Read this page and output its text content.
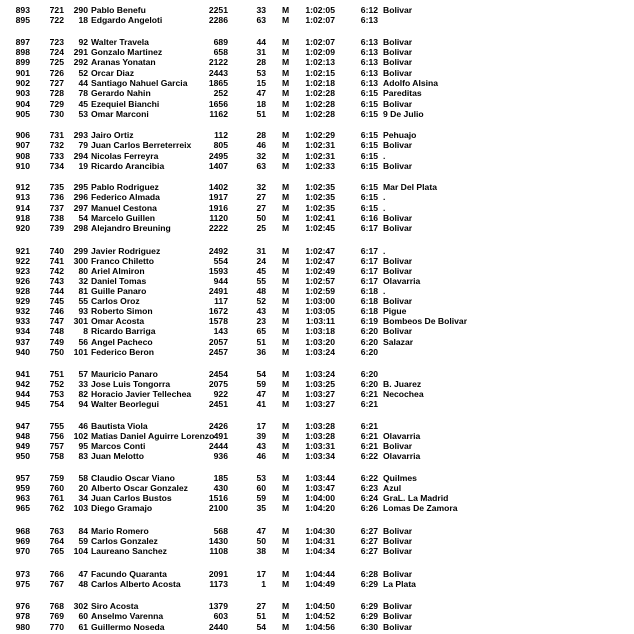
893	721	290 Pablo Benefu	2251	33 M	1:02:05	6:12 Bolivar
895	722	18 Edgardo Angeloti	2286	63 M	1:02:07	6:13
897	723	92 Walter Travela	689	44 M	1:02:07	6:13 Bolivar
898	724	291 Gonzalo Martinez	658	31 M	1:02:09	6:13 Bolivar
899	725	292 Aranas Yonatan	2122	28 M	1:02:13	6:13 Bolivar
901	726	52 Orcar Diaz	2443	53 M	1:02:15	6:13 Bolivar
902	727	44 Santiago Nahuel Garcia	1865	15 M	1:02:18	6:13 Adolfo Alsina
903	728	78 Gerardo Nahin	252	47 M	1:02:28	6:15 Pareditas
904	729	45 Ezequiel Bianchi	1656	18 M	1:02:28	6:15 Bolivar
905	730	53 Omar Marconi	1162	51 M	1:02:28	6:15 9 De Julio
906	731	293 Jairo Ortiz	112	28 M	1:02:29	6:15 Pehuajo
907	732	79 Juan Carlos Berreterreix	805	46 M	1:02:31	6:15 Bolivar
908	733	294 Nicolas Ferreyra	2495	32 M	1:02:31	6:15 .
910	734	19 Ricardo Arancibia	1407	63 M	1:02:33	6:15 Bolivar
912	735	295 Pablo Rodriguez	1402	32 M	1:02:35	6:15 Mar Del Plata
913	736	296 Federico Almada	1917	27 M	1:02:35	6:15 .
914	737	297 Manuel Cestona	1916	27 M	1:02:35	6:15 .
918	738	54 Marcelo Guillen	1120	50 M	1:02:41	6:16 Bolivar
920	739	298 Alejandro Breuning	2222	25 M	1:02:45	6:17 Bolivar
921	740	299 Javier Rodriguez	2492	31 M	1:02:47	6:17 .
922	741	300 Franco Chiletto	554	24 M	1:02:47	6:17 Bolivar
923	742	80 Ariel Almiron	1593	45 M	1:02:49	6:17 Bolivar
926	743	32 Daniel Tomas	944	55 M	1:02:57	6:17 Olavarria
928	744	81 Guille Panaro	2491	48 M	1:02:59	6:18 .
929	745	55 Carlos Oroz	117	52 M	1:03:00	6:18 Bolivar
932	746	93 Roberto Simon	1672	43 M	1:03:05	6:18 Pigue
933	747	301 Omar Acosta	1578	23 M	1:03:11	6:19 Bombeos De Bolivar
934	748	8 Ricardo Barriga	143	65 M	1:03:18	6:20 Bolivar
937	749	56 Angel Pacheco	2057	51 M	1:03:20	6:20 Salazar
940	750	101 Federico Beron	2457	36 M	1:03:24	6:20
941	751	57 Mauricio Panaro	2454	54 M	1:03:24	6:20
942	752	33 Jose Luis Tongorra	2075	59 M	1:03:25	6:20 B. Juarez
944	753	82 Horacio Javier Tellechea	922	47 M	1:03:27	6:21 Necochea
945	754	94 Walter Beorlegui	2451	41 M	1:03:27	6:21
947	755	46 Bautista Viola	2426	17 M	1:03:28	6:21
948	756	102 Matias Daniel Aguirre Lorenzo 491	39 M	1:03:28	6:21 Olavarria
949	757	95 Marcos Conti	2444	43 M	1:03:31	6:21 Bolivar
950	758	83 Juan Melotto	936	46 M	1:03:34	6:22 Olavarria
957	759	58 Claudio Oscar Viano	185	53 M	1:03:44	6:22 Quilmes
959	760	20 Alberto Oscar Gonzalez	430	60 M	1:03:47	6:23 Azul
963	761	34 Juan Carlos Bustos	1516	59 M	1:04:00	6:24 GraL. La Madrid
965	762	103 Diego Gramajo	2100	35 M	1:04:20	6:26 Lomas De Zamora
968	763	84 Mario Romero	568	47 M	1:04:30	6:27 Bolivar
969	764	59 Carlos Gonzalez	1430	50 M	1:04:31	6:27 Bolivar
970	765	104 Laureano Sanchez	1108	38 M	1:04:34	6:27 Bolivar
973	766	47 Facundo Quaranta	2091	17 M	1:04:44	6:28 Bolivar
975	767	48 Carlos Alberto Acosta	1173	1 M	1:04:49	6:29 La Plata
976	768	302 Siro Acosta	1379	27 M	1:04:50	6:29 Bolivar
978	769	60 Anselmo Varenna	603	51 M	1:04:52	6:29 Bolivar
980	770	61 Guillermo Noseda	2440	54 M	1:04:56	6:30 Bolivar
